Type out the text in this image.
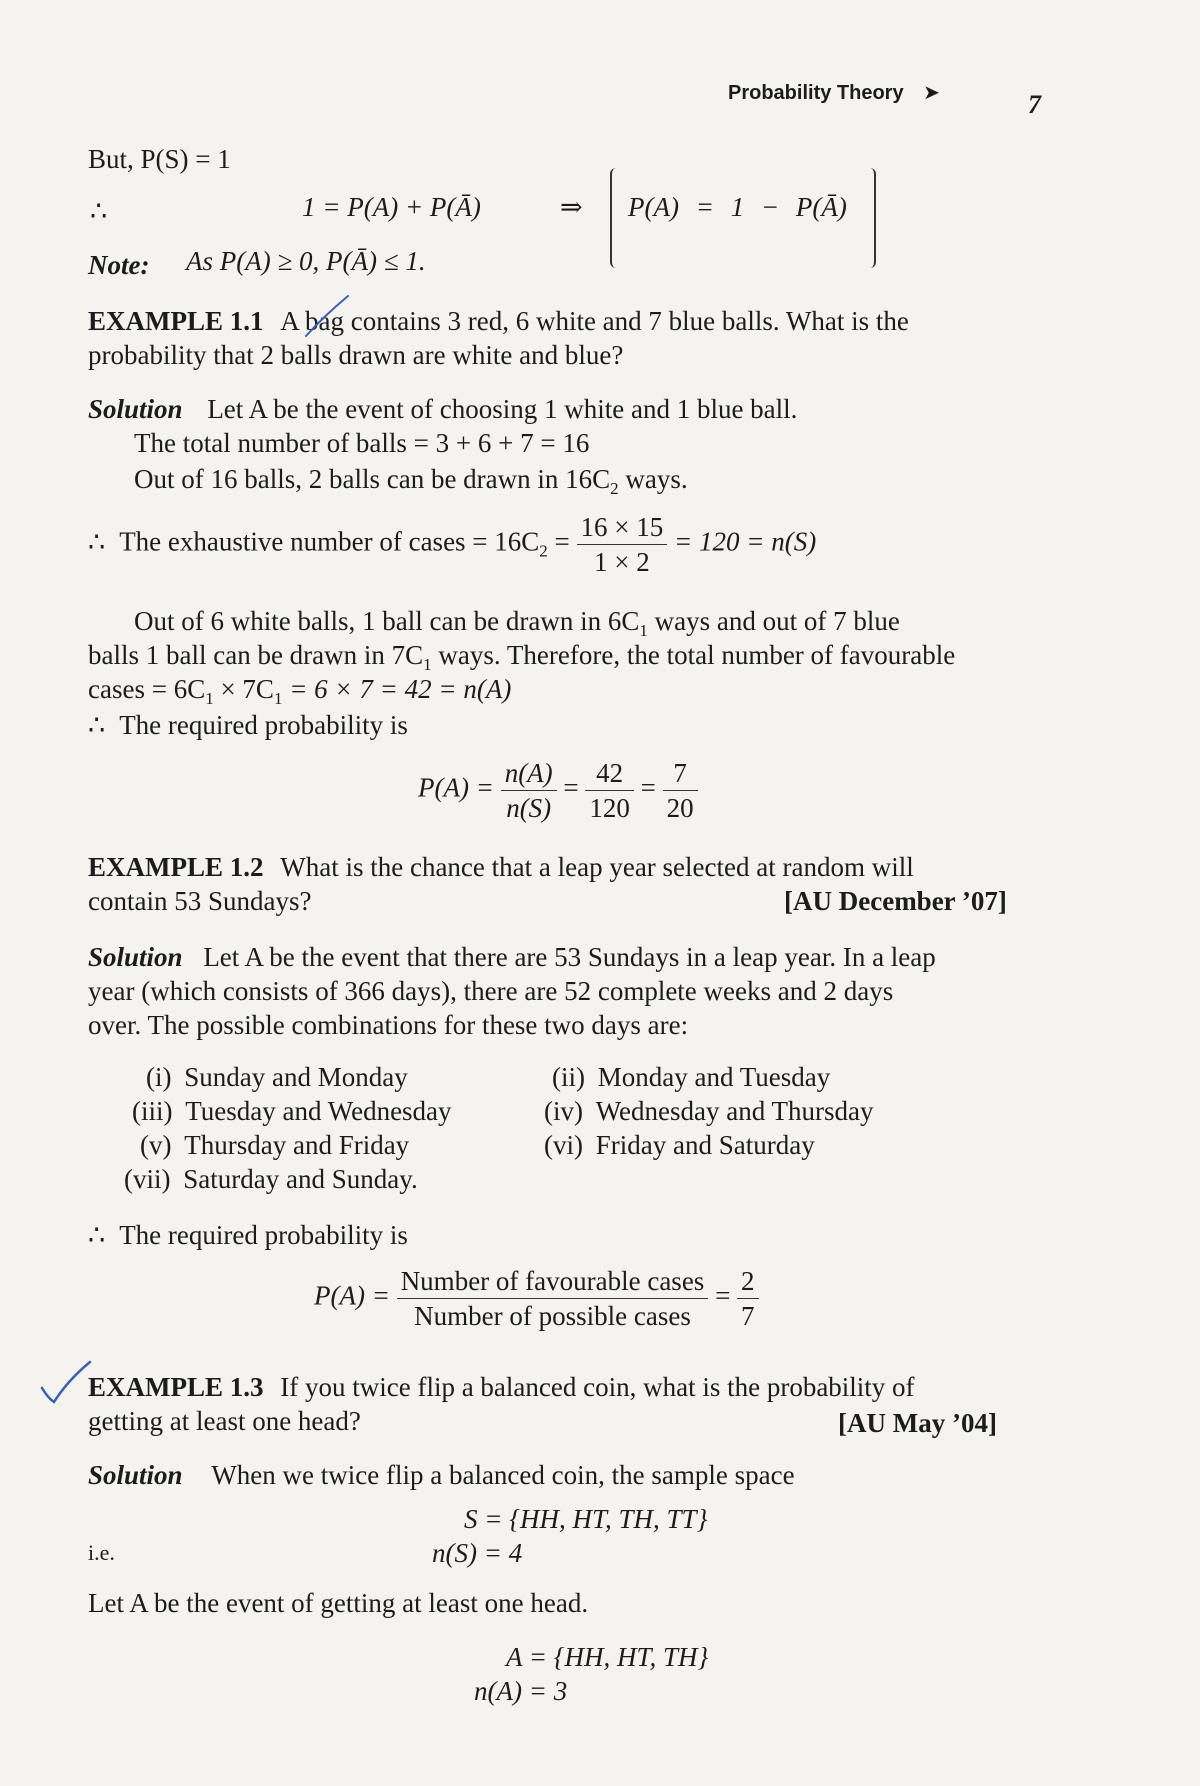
Probability Theory ➤	7
But, P(S) = 1
∴	1 = P(A) + P(Ā)	⇒ P(A) = 1 − P(Ā)
Note: As P(A) ≥ 0, P(Ā) ≤ 1.
EXAMPLE 1.1 A bag contains 3 red, 6 white and 7 blue balls. What is the
probability that 2 balls drawn are white and blue?
Solution Let A be the event of choosing 1 white and 1 blue ball.
The total number of balls = 3 + 6 + 7 = 16
Out of 16 balls, 2 balls can be drawn in $16C_2$ ways.
∴ The exhaustive number of cases = $16C_2 = \frac{16 \times 15}{1 \times 2} = 120 = n(S)$
Out of 6 white balls, 1 ball can be drawn in $6C_1$ ways and out of 7 blue
balls 1 ball can be drawn in $7C_1$ ways. Therefore, the total number of favourable
cases = $6C_1 \times 7C_1 = 6 \times 7 = 42 = n(A)$
∴ The required probability is
$P(A) = \frac{n(A)}{n(S)} = \frac{42}{120} = \frac{7}{20}$
EXAMPLE 1.2 What is the chance that a leap year selected at random will
contain 53 Sundays?	[AU December ’07]
Solution Let A be the event that there are 53 Sundays in a leap year. In a leap
year (which consists of 366 days), there are 52 complete weeks and 2 days
over. The possible combinations for these two days are:
(i) Sunday and Monday	(ii) Monday and Tuesday
(iii) Tuesday and Wednesday	(iv) Wednesday and Thursday
(v) Thursday and Friday	(vi) Friday and Saturday
(vii) Saturday and Sunday.
∴ The required probability is
$P(A) = \frac{\text{Number of favourable cases}}{\text{Number of possible cases}} = \frac{2}{7}$
EXAMPLE 1.3 If you twice flip a balanced coin, what is the probability of
getting at least one head?	[AU May ’04]
Solution When we twice flip a balanced coin, the sample space
S = {HH, HT, TH, TT}
i.e.	n(S) = 4
Let A be the event of getting at least one head.
A = {HH, HT, TH}
n(A) = 3
